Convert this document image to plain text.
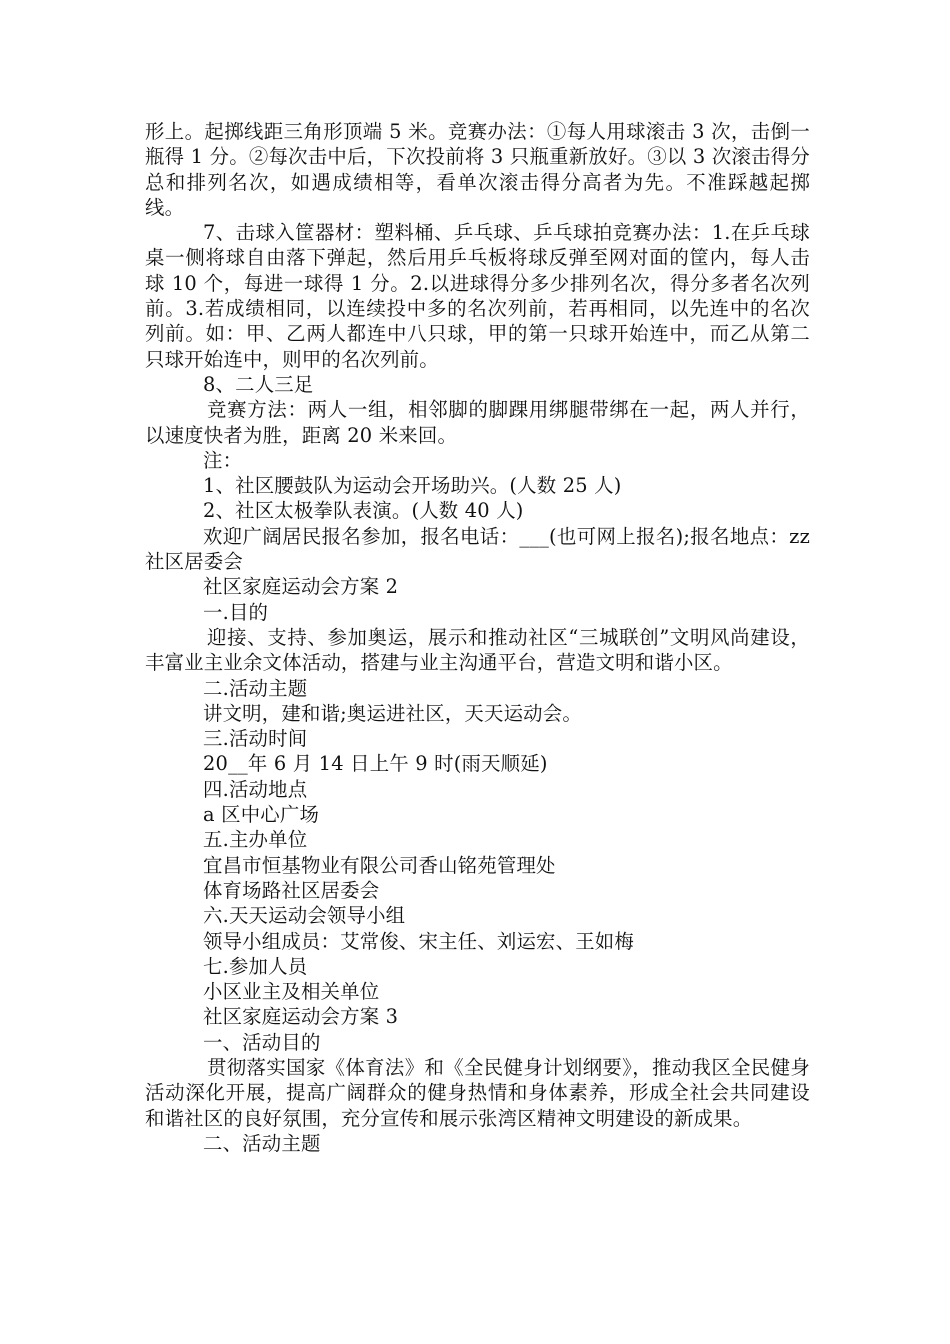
形上。起掷线距三角形顶端 5 米。竞赛办法：①每人用球滚击 3 次，击倒一瓶得 1 分。②每次击中后，下次投前将 3 只瓶重新放好。③以 3 次滚击得分总和排列名次，如遇成绩相等，看单次滚击得分高者为先。不准踩越起掷线。

7、击球入筐器材：塑料桶、乒乓球、乒乓球拍竞赛办法：1.在乒乓球桌一侧将球自由落下弹起，然后用乒乓板将球反弹至网对面的筐内，每人击球 10 个，每进一球得 1 分。2.以进球得分多少排列名次，得分多者名次列前。3.若成绩相同，以连续投中多的名次列前，若再相同，以先连中的名次列前。如：甲、乙两人都连中八只球，甲的第一只球开始连中，而乙从第二只球开始连中，则甲的名次列前。

8、二人三足

竞赛方法：两人一组，相邻脚的脚踝用绑腿带绑在一起，两人并行，以速度快者为胜，距离 20 米来回。

注：

1、社区腰鼓队为运动会开场助兴。(人数 25 人)

2、社区太极拳队表演。(人数 40 人)

欢迎广阔居民报名参加，报名电话：___(也可网上报名);报名地点：zz 社区居委会

社区家庭运动会方案 2

一.目的

迎接、支持、参加奥运，展示和推动社区“三城联创”文明风尚建设，丰富业主业余文体活动，搭建与业主沟通平台，营造文明和谐小区。

二.活动主题

讲文明，建和谐;奥运进社区，天天运动会。

三.活动时间

20__年 6 月 14 日上午 9 时(雨天顺延)

四.活动地点

a 区中心广场

五.主办单位

宜昌市恒基物业有限公司香山铭苑管理处

体育场路社区居委会

六.天天运动会领导小组

领导小组成员：艾常俊、宋主任、刘运宏、王如梅

七.参加人员

小区业主及相关单位

社区家庭运动会方案 3

一、活动目的

贯彻落实国家《体育法》和《全民健身计划纲要》，推动我区全民健身活动深化开展，提高广阔群众的健身热情和身体素养，形成全社会共同建设和谐社区的良好氛围，充分宣传和展示张湾区精神文明建设的新成果。

二、活动主题
